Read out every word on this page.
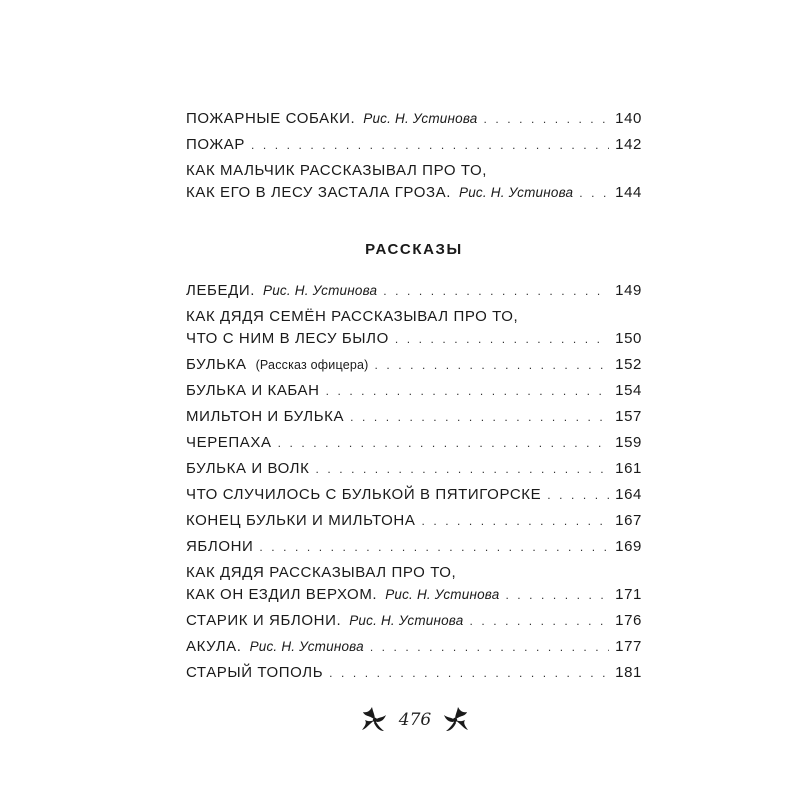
ПОЖАРНЫЕ СОБАКИ. Рис. Н. Устинова . . .	140
ПОЖАР . . .	142
КАК МАЛЬЧИК РАССКАЗЫВАЛ ПРО ТО,
КАК ЕГО В ЛЕСУ ЗАСТАЛА ГРОЗА. Рис. Н. Устинова . . .	144
РАССКАЗЫ
ЛЕБЕДИ. Рис. Н. Устинова . . .	149
КАК ДЯДЯ СЕМЁН РАССКАЗЫВАЛ ПРО ТО,
ЧТО С НИМ В ЛЕСУ БЫЛО . . .	150
БУЛЬКА (Рассказ офицера) . . .	152
БУЛЬКА И КАБАН . . .	154
МИЛЬТОН И БУЛЬКА . . .	157
ЧЕРЕПАХА . . .	159
БУЛЬКА И ВОЛК . . .	161
ЧТО СЛУЧИЛОСЬ С БУЛЬКОЙ В ПЯТИГОРСКЕ . . .	164
КОНЕЦ БУЛЬКИ И МИЛЬТОНА . . .	167
ЯБЛОНИ . . .	169
КАК ДЯДЯ РАССКАЗЫВАЛ ПРО ТО,
КАК ОН ЕЗДИЛ ВЕРХОМ. Рис. Н. Устинова . . .	171
СТАРИК И ЯБЛОНИ. Рис. Н. Устинова . . .	176
АКУЛА. Рис. Н. Устинова . . .	177
СТАРЫЙ ТОПОЛЬ . . .	181
476
